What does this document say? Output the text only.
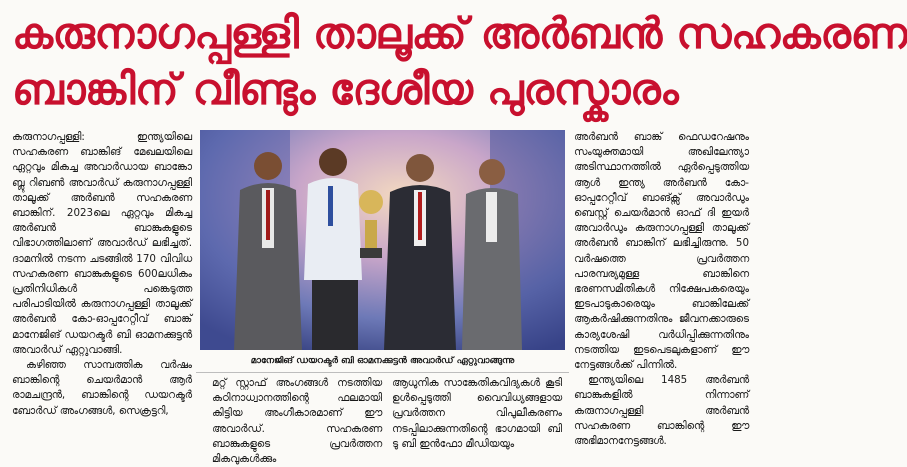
കരുനാഗപ്പള്ളി താലൂക്ക് അർബൻ സഹകരണ
ബാങ്കിന് വീണ്ടും ദേശീയ പുരസ്കാരം

കരുനാഗപ്പള്ളി: ഇന്ത്യയിലെ സഹകരണ ബാങ്കിങ് മേഖലയിലെ ഏറ്റവും മികച്ച അവാർഡായ ബാങ്കോ ബ്ലു റിബൺ അവാർഡ് കരുനാഗപ്പള്ളി താലൂക്ക് അർബൻ സഹകരണ ബാങ്കിന്. 2023ലെ ഏറ്റവും മികച്ച അർബൻ ബാങ്കുകളുടെ വിഭാഗത്തിലാണ് അവാർഡ് ലഭിച്ചത്. ദാമനിൽ നടന്ന ചടങ്ങിൽ 170 വിവിധ സഹകരണ ബാങ്കുകളുടെ 600ലധികം പ്രതിനിധികൾ പങ്കെടുത്ത പരിപാടിയിൽ കരുനാഗപ്പള്ളി താലൂക്ക് അർബൻ കോ-ഓപ്പറേറ്റീവ് ബാങ്ക് മാനേജിങ് ഡയറക്ടർ ബി ഓമനക്കുട്ടൻ അവാർഡ് ഏറ്റുവാങ്ങി.

കഴിഞ്ഞ സാമ്പത്തിക വർഷം ബാങ്കിന്റെ ചെയർമാൻ ആർ രാമചന്ദ്രൻ, ബാങ്കിന്റെ ഡയറക്ടർ ബോർഡ് അംഗങ്ങൾ, സെക്രട്ടറി,

മാനേജിങ് ഡയറക്ടർ ബി ഓമനക്കുട്ടൻ അവാർഡ് ഏറ്റുവാങ്ങുന്നു

മറ്റ് സ്റ്റാഫ് അംഗങ്ങൾ നടത്തിയ കഠിനാധ്വാനത്തിന്റെ ഫലമായി കിട്ടിയ അംഗീകാരമാണ് ഈ അവാർഡ്. സഹകരണ ബാങ്കുകളുടെ പ്രവർത്തന മികവുകൾക്കും

ആധുനിക സാങ്കേതികവിദ്യകൾ കൂടി ഉൾപ്പെടുത്തി വൈവിധ്യങ്ങളായ പ്രവർത്തന വിപുലീകരണം നടപ്പിലാക്കുന്നതിന്റെ ഭാഗമായി ബി ടു ബി ഇൻഫോ മീഡിയയും

അർബൻ ബാങ്ക് ഫെഡറേഷനും സംയുക്തമായി അഖിലേന്ത്യാ അടിസ്ഥാനത്തിൽ ഏർപ്പെടുത്തിയ ആൾ ഇന്ത്യ അർബൻ കോ-ഓപ്പറേറ്റീവ് ബാങ്ക്സ് അവാർഡും ബെസ്റ്റ് ചെയർമാൻ ഓഫ് ദി ഇയർ അവാർഡും കരുനാഗപ്പള്ളി താലൂക്ക് അർബൻ ബാങ്കിന് ലഭിച്ചിരുന്നു. 50 വർഷത്തെ പ്രവർത്തന പാരമ്പര്യമുള്ള ബാങ്കിനെ ഭരണസമിതികൾ നിക്ഷേപകരെയും ഇടപാടുകാരെയും ബാങ്കിലേക്ക് ആകർഷിക്കുന്നതിനും ജീവനക്കാരുടെ കാര്യശേഷി വർധിപ്പിക്കുന്നതിനും നടത്തിയ ഇടപെടലുകളാണ് ഈ നേട്ടങ്ങൾക്ക് പിന്നിൽ.

ഇന്ത്യയിലെ 1485 അർബൻ ബാങ്കുകളിൽ നിന്നാണ് കരുനാഗപ്പള്ളി അർബൻ സഹകരണ ബാങ്കിന്റെ ഈ അഭിമാനനേട്ടങ്ങൾ.
